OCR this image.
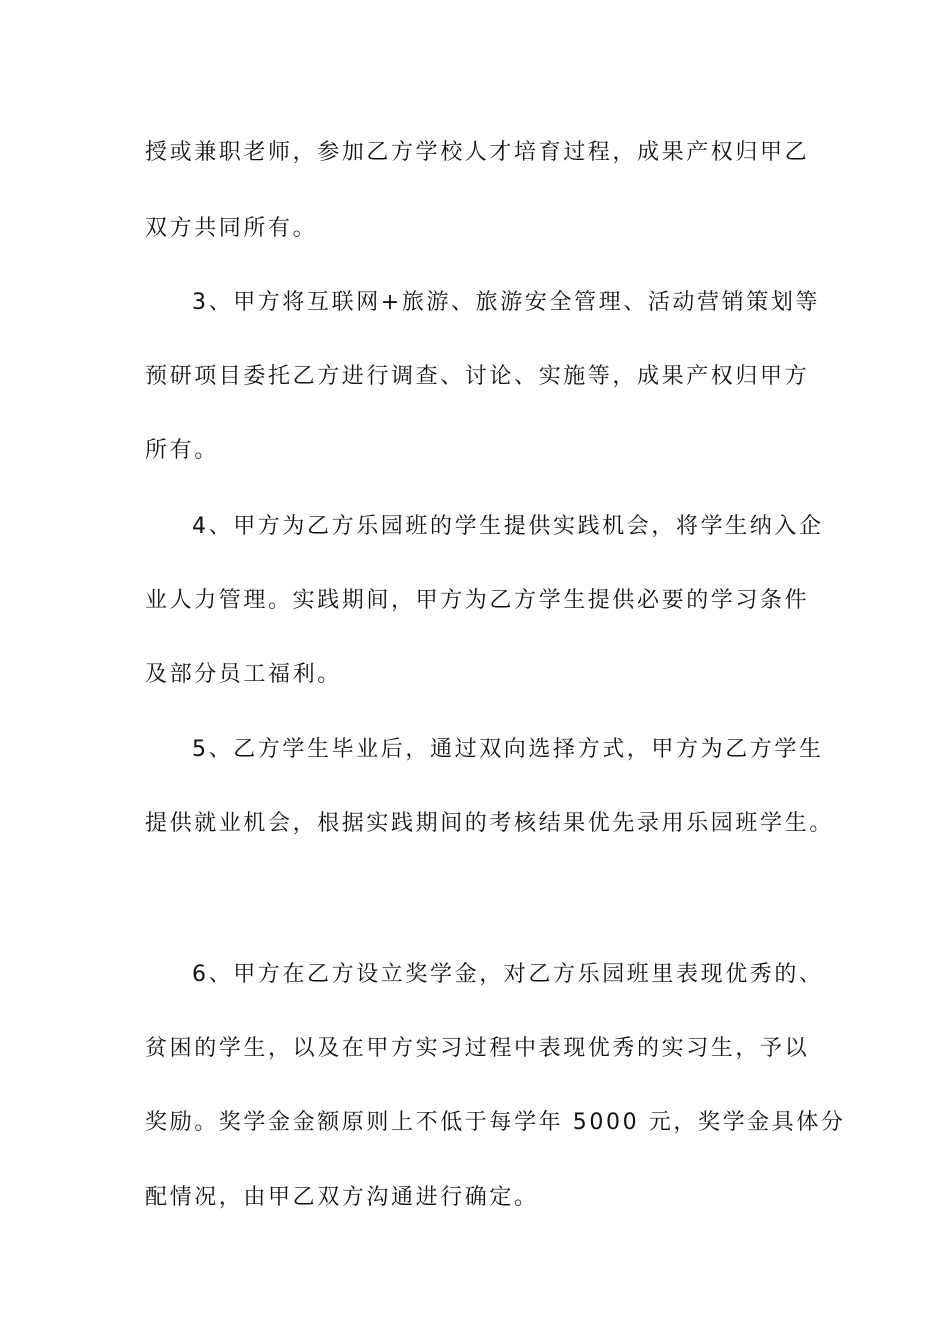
授或兼职老师，参加乙方学校人才培育过程，成果产权归甲乙
双方共同所有。
3、甲方将互联网+旅游、旅游安全管理、活动营销策划等
预研项目委托乙方进行调查、讨论、实施等，成果产权归甲方
所有。
4、甲方为乙方乐园班的学生提供实践机会，将学生纳入企
业人力管理。实践期间，甲方为乙方学生提供必要的学习条件
及部分员工福利。
5、乙方学生毕业后，通过双向选择方式，甲方为乙方学生
提供就业机会，根据实践期间的考核结果优先录用乐园班学生。
6、甲方在乙方设立奖学金，对乙方乐园班里表现优秀的、
贫困的学生，以及在甲方实习过程中表现优秀的实习生，予以
奖励。奖学金金额原则上不低于每学年 5000 元，奖学金具体分
配情况，由甲乙双方沟通进行确定。
